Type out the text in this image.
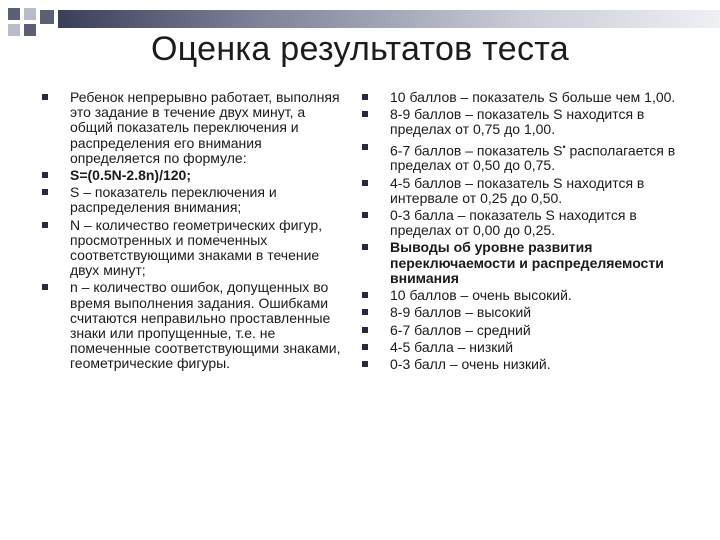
Оценка результатов теста

Ребенок непрерывно работает, выполняя это задание в течение двух минут, а общий показатель переключения и распределения его внимания определяется по формуле:

S=(0.5N-2.8n)/120;

S – показатель переключения и распределения внимания;

N – количество геометрических фигур, просмотренных и помеченных соответствующими знаками в течение двух минут;

n – количество ошибок, допущенных во время выполнения задания. Ошибками считаются неправильно проставленные знаки или пропущенные, т.е. не помеченные соответствующими знаками, геометрические фигуры.

10 баллов – показатель S больше чем 1,00.

8-9 баллов – показатель S находится в пределах от 0,75 до 1,00.

6-7 баллов – показатель S• располагается в пределах от 0,50 до 0,75.

4-5 баллов – показатель S находится в интервале от 0,25 до 0,50.

0-3 балла – показатель S находится в пределах от 0,00 до 0,25.

Выводы об уровне развития переключаемости и распределяемости внимания

10 баллов – очень высокий.

8-9 баллов – высокий

6-7 баллов – средний

4-5 балла – низкий

0-3 балл – очень низкий.
